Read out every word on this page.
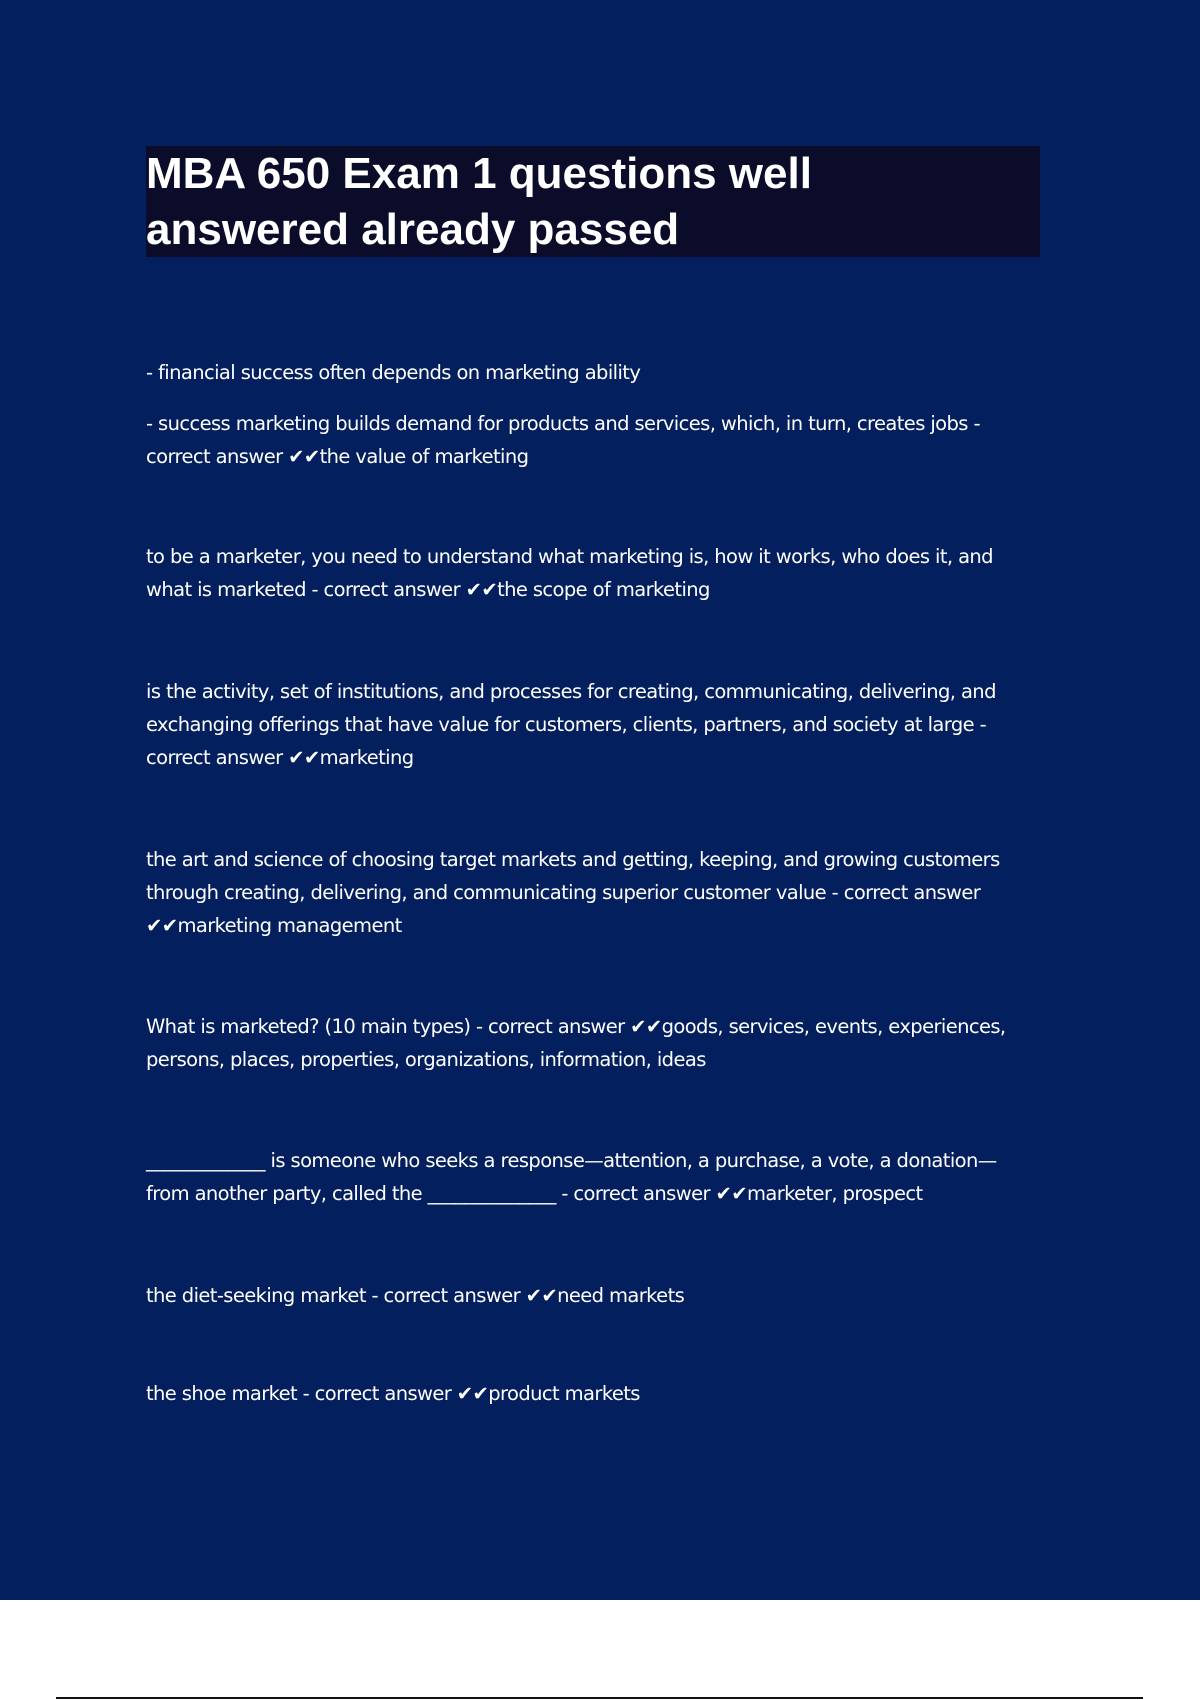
MBA 650 Exam 1 questions well
answered already passed

- financial success often depends on marketing ability

- success marketing builds demand for products and services, which, in turn, creates jobs -
correct answer ✔✔the value of marketing

to be a marketer, you need to understand what marketing is, how it works, who does it, and
what is marketed - correct answer ✔✔the scope of marketing

is the activity, set of institutions, and processes for creating, communicating, delivering, and
exchanging offerings that have value for customers, clients, partners, and society at large -
correct answer ✔✔marketing

the art and science of choosing target markets and getting, keeping, and growing customers
through creating, delivering, and communicating superior customer value - correct answer
✔✔marketing management

What is marketed? (10 main types) - correct answer ✔✔goods, services, events, experiences,
persons, places, properties, organizations, information, ideas

_____________ is someone who seeks a response—attention, a purchase, a vote, a donation—
from another party, called the ______________ - correct answer ✔✔marketer, prospect

the diet-seeking market - correct answer ✔✔need markets

the shoe market - correct answer ✔✔product markets
